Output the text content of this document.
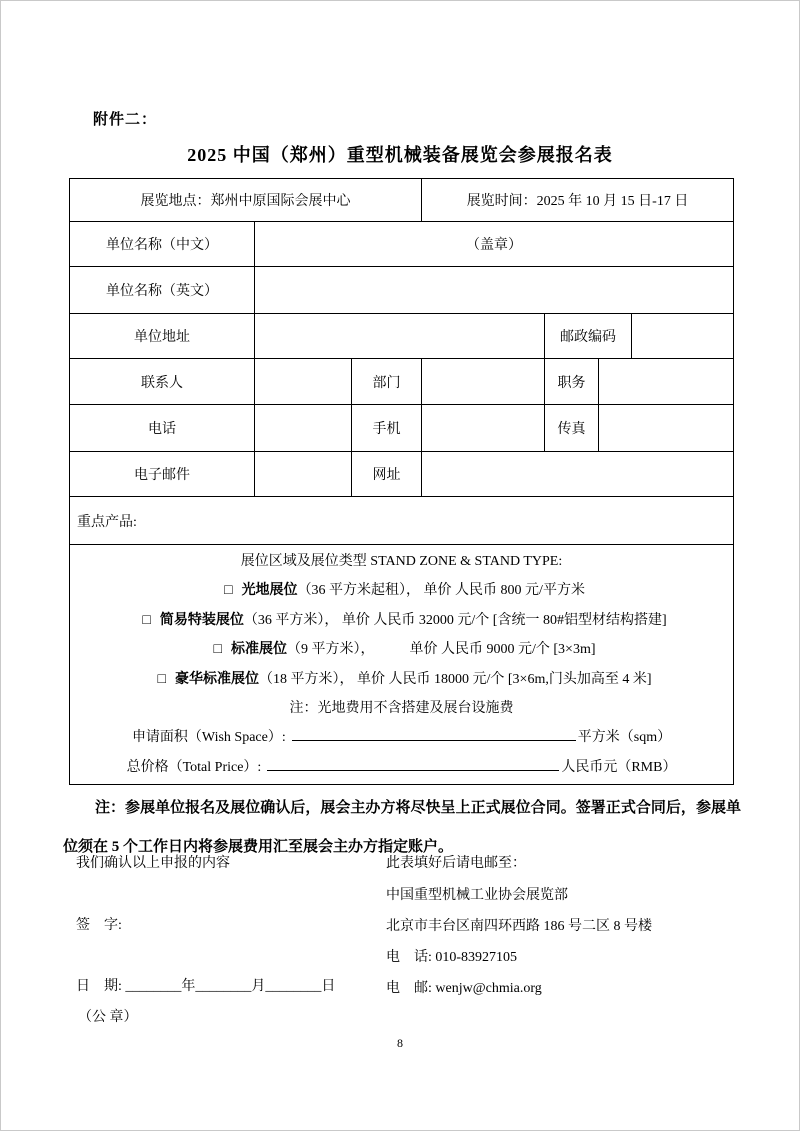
附件二：
2025 中国（郑州）重型机械装备展览会参展报名表
展览地点：郑州中原国际会展中心			展览时间：2025 年 10 月 15 日-17 日			
单位名称（中文）	（盖章）					
单位名称（英文）						
单位地址				邮政编码		
联系人		部门		职务		
电话		手机		传真		
电子邮件		网址				
重点产品:						

展位区域及展位类型 STAND ZONE & STAND TYPE:
□ 光地展位（36 平方米起租）， 单价 人民币 800 元/平方米
□ 简易特装展位（36 平方米）， 单价 人民币 32000 元/个 [含统一 80#铝型材结构搭建]
□ 标准展位（9 平方米），          单价 人民币 9000 元/个 [3×3m]
□ 豪华标准展位（18 平方米）， 单价 人民币 18000 元/个 [3×6m,门头加高至 4 米]
注：光地费用不含搭建及展台设施费
申请面积（Wish Space）:	平方米（sqm）
总价格（Total Price）:	人民币元（RMB）

注：参展单位报名及展位确认后，展会主办方将尽快呈上正式展位合同。签署正式合同后，参展单位须在 5 个工作日内将参展费用汇至展会主办方指定账户。

我们确认以上申报的内容	此表填好后请电邮至：
中国重型机械工业协会展览部
签　字:	北京市丰台区南四环西路 186 号二区 8 号楼
电　话: 010-83927105
日　期: ________年________月________日	电　邮: wenjw@chmia.org
（公 章）
8
